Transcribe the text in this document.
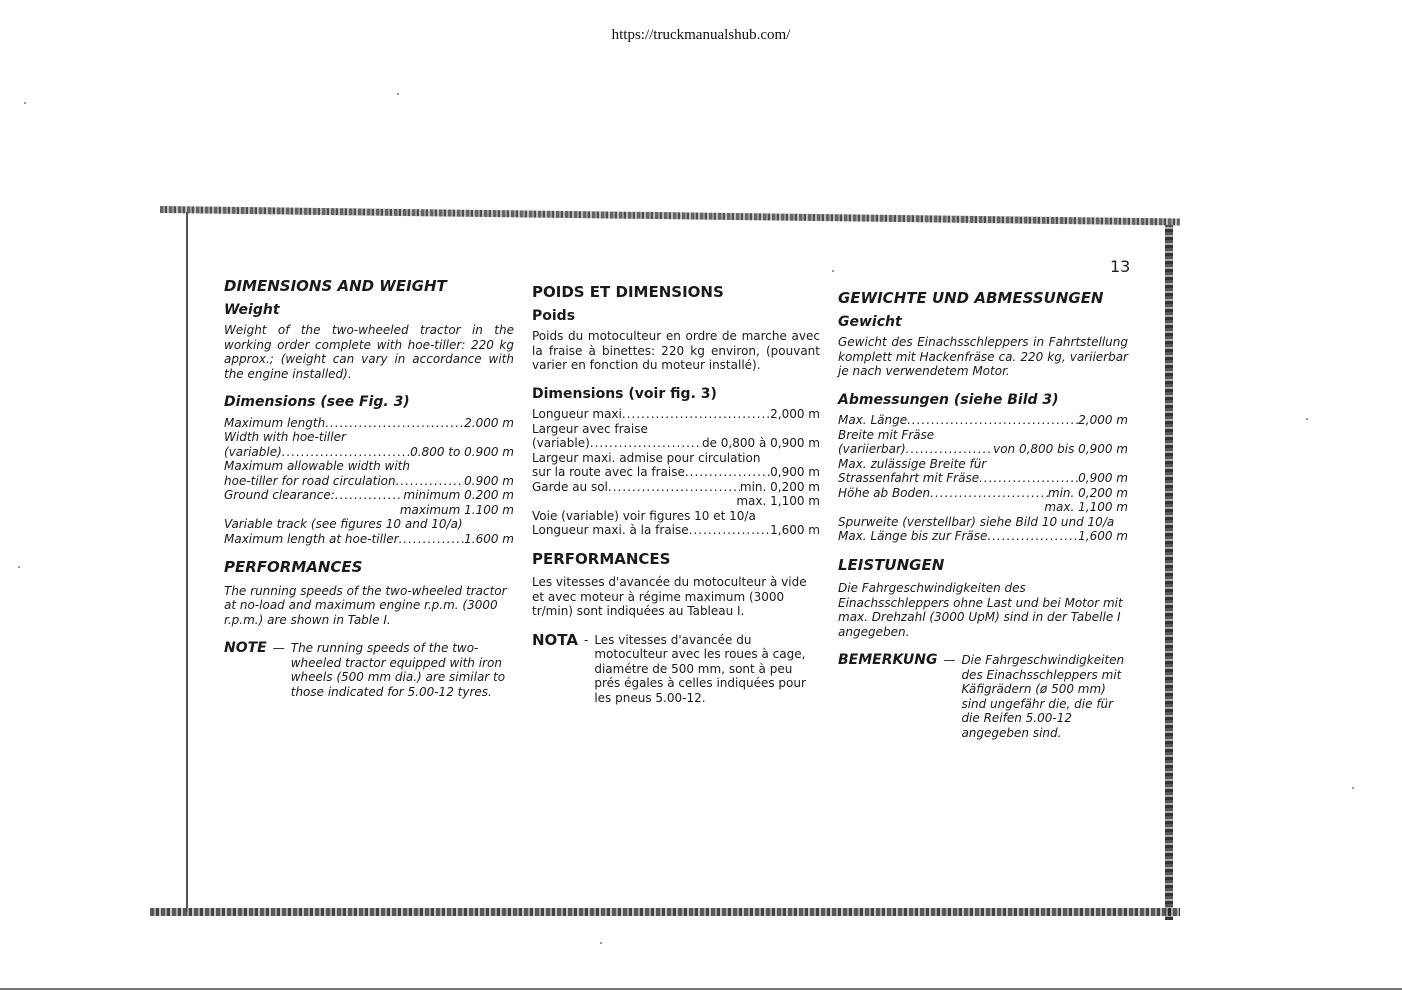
https://truckmanualshub.com/
13
DIMENSIONS AND WEIGHT
Weight

Weight of the two-wheeled tractor in the working order complete with hoe-tiller: 220 kg approx.; (weight can vary in accordance with the engine installed).

Dimensions (see Fig. 3)
Maximum length .....	2.000 m
Width with hoe-tiller
(variable) .....	0.800 to 0.900 m
Maximum allowable width with
hoe-tiller for road circulation .....	0.900 m
Ground clearance: .....	minimum 0.200 m
maximum 1.100 m
Variable track (see figures 10 and 10/a)
Maximum length at hoe-tiller .....	1.600 m
PERFORMANCES

The running speeds of the two-wheeled tractor at no-load and maximum engine r.p.m. (3000 r.p.m.) are shown in Table I.

NOTE — The running speeds of the two-wheeled tractor equipped with iron wheels (500 mm dia.) are similar to those indicated for 5.00-12 tyres.
POIDS ET DIMENSIONS
Poids

Poids du motoculteur en ordre de marche avec la fraise à binettes: 220 kg environ, (pouvant varier en fonction du moteur installé).

Dimensions (voir fig. 3)
Longueur maxi .....	2,000 m
Largeur avec fraise
(variable) .....	de 0,800 à 0,900 m
Largeur maxi. admise pour circulation
sur la route avec la fraise .....	0,900 m
Garde au sol .....	min. 0,200 m
max. 1,100 m
Voie (variable) voir figures 10 et 10/a
Longueur maxi. à la fraise .....	1,600 m
PERFORMANCES

Les vitesses d'avancée du motoculteur à vide et avec moteur à régime maximum (3000 tr/min) sont indiquées au Tableau I.

NOTA - Les vitesses d'avancée du motoculteur avec les roues à cage, diamétre de 500 mm, sont à peu prés égales à celles indiquées pour les pneus 5.00-12.
GEWICHTE UND ABMESSUNGEN
Gewicht

Gewicht des Einachsschleppers in Fahrtstellung komplett mit Hackenfräse ca. 220 kg, variierbar je nach verwendetem Motor.

Abmessungen (siehe Bild 3)
Max. Länge .....	2,000 m
Breite mit Fräse
(variierbar) .....	von 0,800 bis 0,900 m
Max. zulässige Breite für
Strassenfahrt mit Fräse .....	0,900 m
Höhe ab Boden .....	min. 0,200 m
max. 1,100 m
Spurweite (verstellbar) siehe Bild 10 und 10/a
Max. Länge bis zur Fräse .....	1,600 m
LEISTUNGEN

Die Fahrgeschwindigkeiten des Einachsschleppers ohne Last und bei Motor mit max. Drehzahl (3000 UpM) sind in der Tabelle I angegeben.

BEMERKUNG — Die Fahrgeschwindigkeiten des Einachsschleppers mit Käfigrädern (ø 500 mm) sind ungefähr die, die für die Reifen 5.00-12 angegeben sind.
